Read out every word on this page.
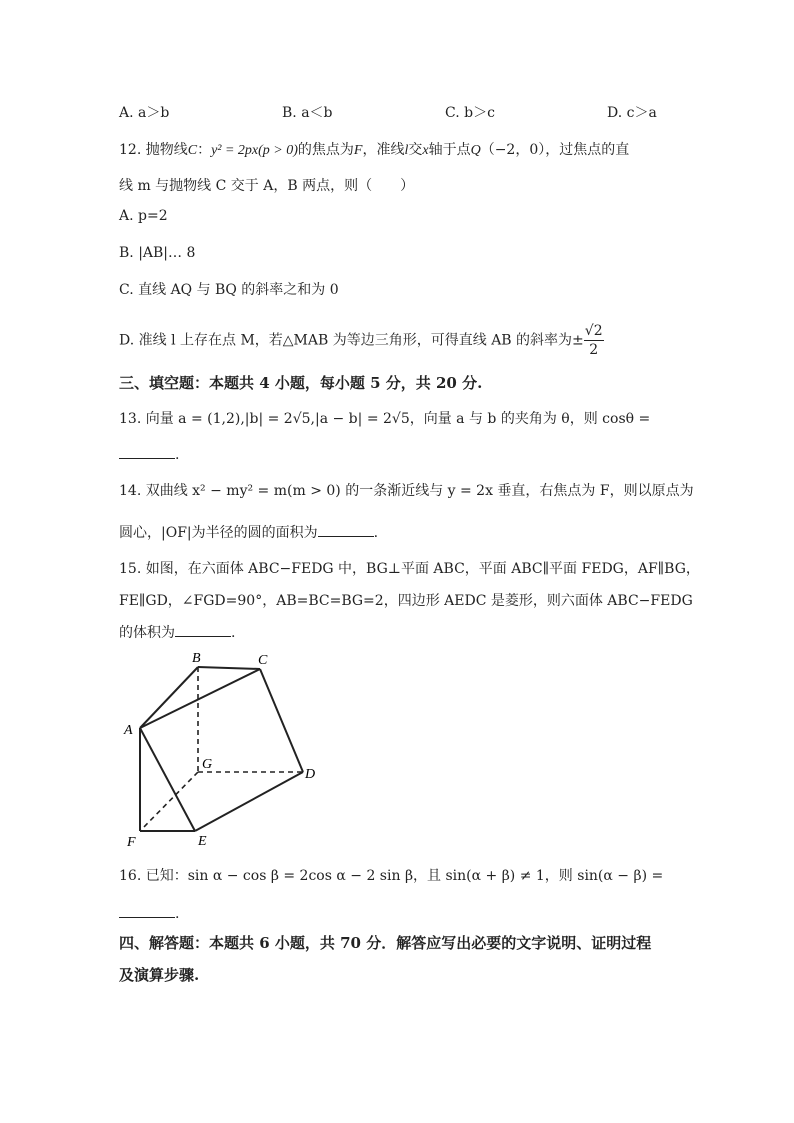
A. a＞b	B. a＜b	C. b＞c	D. c＞a
12. 抛物线C：y² = 2px(p > 0)的焦点为F，准线l交x轴于点Q（−2，0），过焦点的直
线 m 与抛物线 C 交于 A，B 两点，则（　　）
A. p=2
B. |AB|… 8
C. 直线 AQ 与 BQ 的斜率之和为 0
D. 准线 l 上存在点 M，若△MAB 为等边三角形，可得直线 AB 的斜率为± $\frac{√2}{2}$
三、填空题：本题共 4 小题，每小题 5 分，共 20 分.
13. 向量 a = (1,2),|b| = 2√5,|a − b| = 2√5，向量 a 与 b 的夹角为 θ，则 cosθ =
.
14. 双曲线 x² − my² = m(m > 0) 的一条渐近线与 y = 2x 垂直，右焦点为 F，则以原点为
圆心，|OF|为半径的圆的面积为	.
15. 如图，在六面体 ABC−FEDG 中，BG⊥平面 ABC，平面 ABC∥平面 FEDG，AF∥BG，
FE∥GD，∠FGD=90°，AB=BC=BG=2，四边形 AEDC 是菱形，则六面体 ABC−FEDG
的体积为	.
B	C
A
G
D
E
F
16. 已知：sin α − cos β = 2cos α − 2 sin β，且 sin(α + β) ≠ 1，则 sin(α − β) =
.
四、解答题：本题共 6 小题，共 70 分．解答应写出必要的文字说明、证明过程
及演算步骤.
